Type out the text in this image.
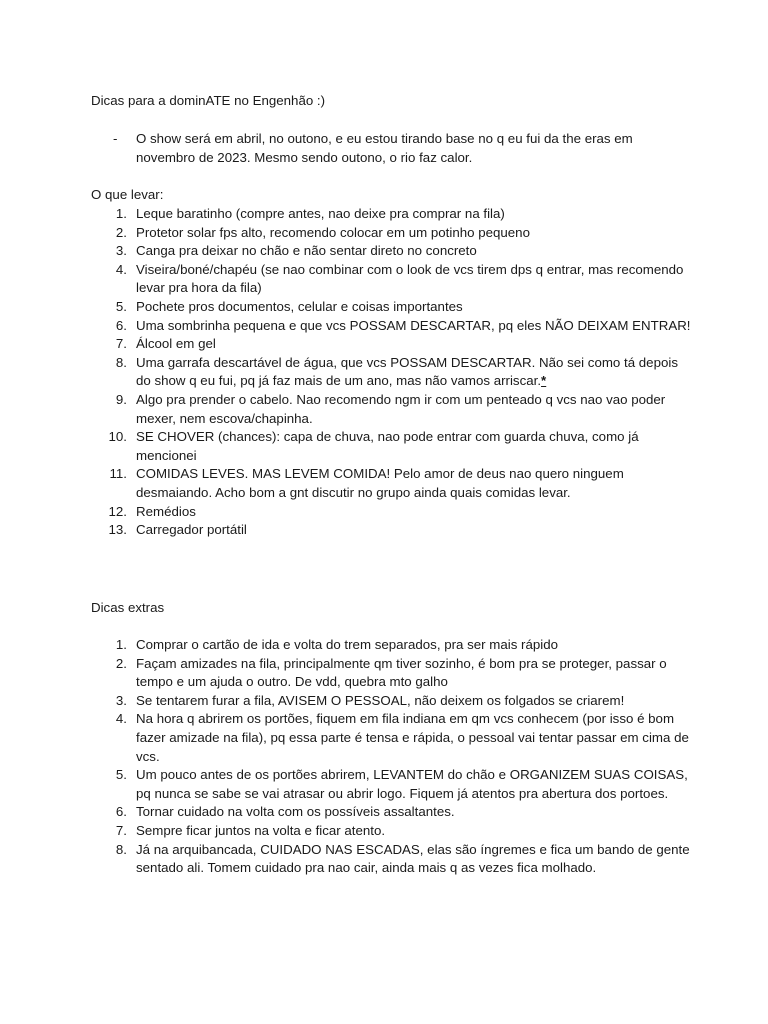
Dicas para a dominATE no Engenhão :)
- O show será em abril, no outono, e eu estou tirando base no q eu fui da the eras em novembro de 2023. Mesmo sendo outono, o rio faz calor.
O que levar:
1. Leque baratinho (compre antes, nao deixe pra comprar na fila)
2. Protetor solar fps alto, recomendo colocar em um potinho pequeno
3. Canga pra deixar no chão e não sentar direto no concreto
4. Viseira/boné/chapéu (se nao combinar com o look de vcs tirem dps q entrar, mas recomendo levar pra hora da fila)
5. Pochete pros documentos, celular e coisas importantes
6. Uma sombrinha pequena e que vcs POSSAM DESCARTAR, pq eles NÃO DEIXAM ENTRAR!
7. Álcool em gel
8. Uma garrafa descartável de água, que vcs POSSAM DESCARTAR. Não sei como tá depois do show q eu fui, pq já faz mais de um ano, mas não vamos arriscar.*
9. Algo pra prender o cabelo. Nao recomendo ngm ir com um penteado q vcs nao vao poder mexer, nem escova/chapinha.
10. SE CHOVER (chances): capa de chuva, nao pode entrar com guarda chuva, como já mencionei
11. COMIDAS LEVES. MAS LEVEM COMIDA! Pelo amor de deus nao quero ninguem desmaiando. Acho bom a gnt discutir no grupo ainda quais comidas levar.
12. Remédios
13. Carregador portátil
Dicas extras
1. Comprar o cartão de ida e volta do trem separados, pra ser mais rápido
2. Façam amizades na fila, principalmente qm tiver sozinho, é bom pra se proteger, passar o tempo e um ajuda o outro. De vdd, quebra mto galho
3. Se tentarem furar a fila, AVISEM O PESSOAL, não deixem os folgados se criarem!
4. Na hora q abrirem os portões, fiquem em fila indiana em qm vcs conhecem (por isso é bom fazer amizade na fila), pq essa parte é tensa e rápida, o pessoal vai tentar passar em cima de vcs.
5. Um pouco antes de os portões abrirem, LEVANTEM do chão e ORGANIZEM SUAS COISAS, pq nunca se sabe se vai atrasar ou abrir logo. Fiquem já atentos pra abertura dos portoes.
6. Tornar cuidado na volta com os possíveis assaltantes.
7. Sempre ficar juntos na volta e ficar atento.
8. Já na arquibancada, CUIDADO NAS ESCADAS, elas são íngremes e fica um bando de gente sentado ali. Tomem cuidado pra nao cair, ainda mais q as vezes fica molhado.
